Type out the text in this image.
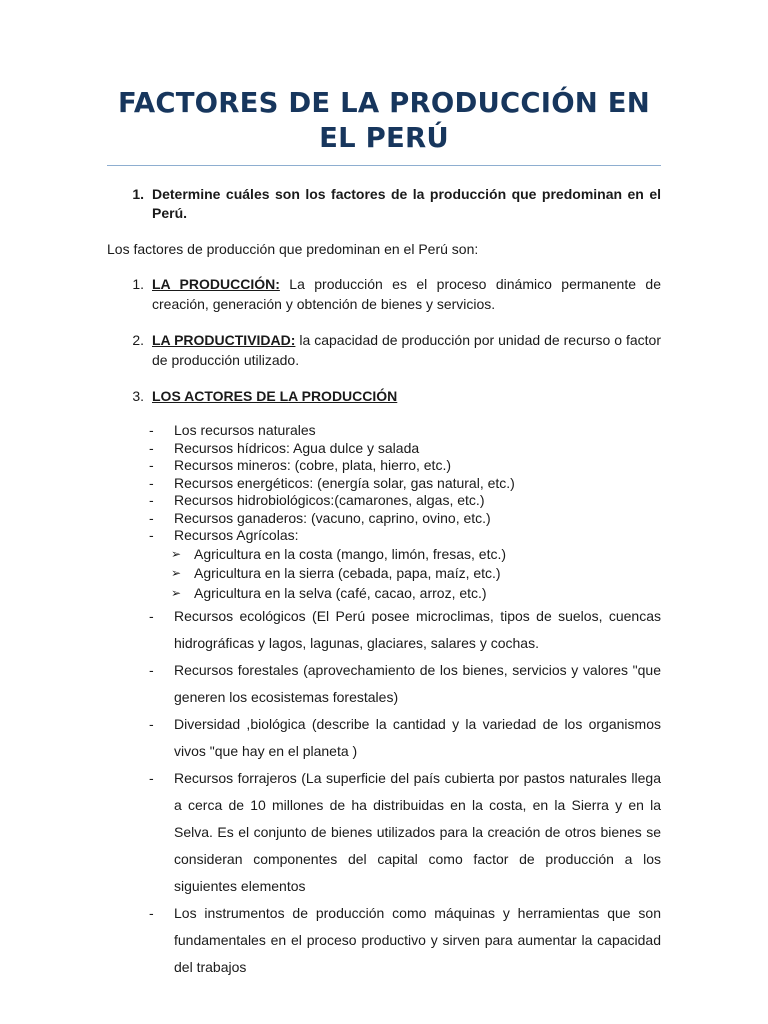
FACTORES DE LA PRODUCCIÓN EN EL PERÚ
1. Determine cuáles son los factores de la producción que predominan en el Perú.
Los factores de producción que predominan en el Perú son:
1. LA PRODUCCIÓN: La producción es el proceso dinámico permanente de creación, generación y obtención de bienes y servicios.
2. LA PRODUCTIVIDAD: la capacidad de producción por unidad de recurso o factor de producción utilizado.
3. LOS ACTORES DE LA PRODUCCIÓN
-	Los recursos naturales
-	Recursos hídricos: Agua dulce y salada
-	Recursos mineros: (cobre, plata, hierro, etc.)
-	Recursos energéticos: (energía solar, gas natural, etc.)
-	Recursos hidrobiológicos:(camarones, algas, etc.)
-	Recursos ganaderos: (vacuno, caprino, ovino, etc.)
-	Recursos Agrícolas:
➢ Agricultura en la costa (mango, limón, fresas, etc.)
➢ Agricultura en la sierra (cebada, papa, maíz, etc.)
➢ Agricultura en la selva (café, cacao, arroz, etc.)
-	Recursos ecológicos (El Perú posee microclimas, tipos de suelos, cuencas hidrográficas y lagos, lagunas, glaciares, salares y cochas.
-	Recursos forestales (aprovechamiento de los bienes, servicios y valores "que generen los ecosistemas forestales)
-	Diversidad ,biológica (describe la cantidad y la variedad de los organismos vivos "que hay en el planeta )
-	Recursos forrajeros (La superficie del país cubierta por pastos naturales llega a cerca de 10 millones de ha distribuidas en la costa, en la Sierra y en la Selva. Es el conjunto de bienes utilizados para la creación de otros bienes se consideran componentes del capital como factor de producción a los siguientes elementos
-	Los instrumentos de producción como máquinas y herramientas que son fundamentales en el proceso productivo y sirven para aumentar la capacidad del trabajos
